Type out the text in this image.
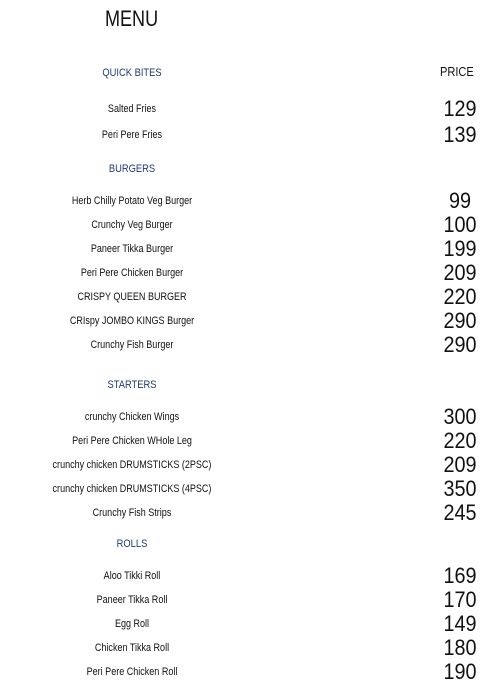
MENU
PRICE
QUICK BITES
Salted Fries	129
Peri Pere Fries	139
BURGERS
Herb Chilly Potato Veg Burger	99
Crunchy Veg Burger	100
Paneer Tikka Burger	199
Peri Pere Chicken Burger	209
CRISPY QUEEN BURGER	220
CRIspy JOMBO KINGS Burger	290
Crunchy Fish Burger	290
STARTERS
crunchy Chicken Wings	300
Peri Pere Chicken WHole Leg	220
crunchy chicken DRUMSTICKS (2PSC)	209
crunchy chicken DRUMSTICKS (4PSC)	350
Crunchy Fish Strips	245
ROLLS
Aloo Tikki Roll	169
Paneer Tikka Roll	170
Egg Roll	149
Chicken Tikka Roll	180
Peri Pere Chicken Roll	190
